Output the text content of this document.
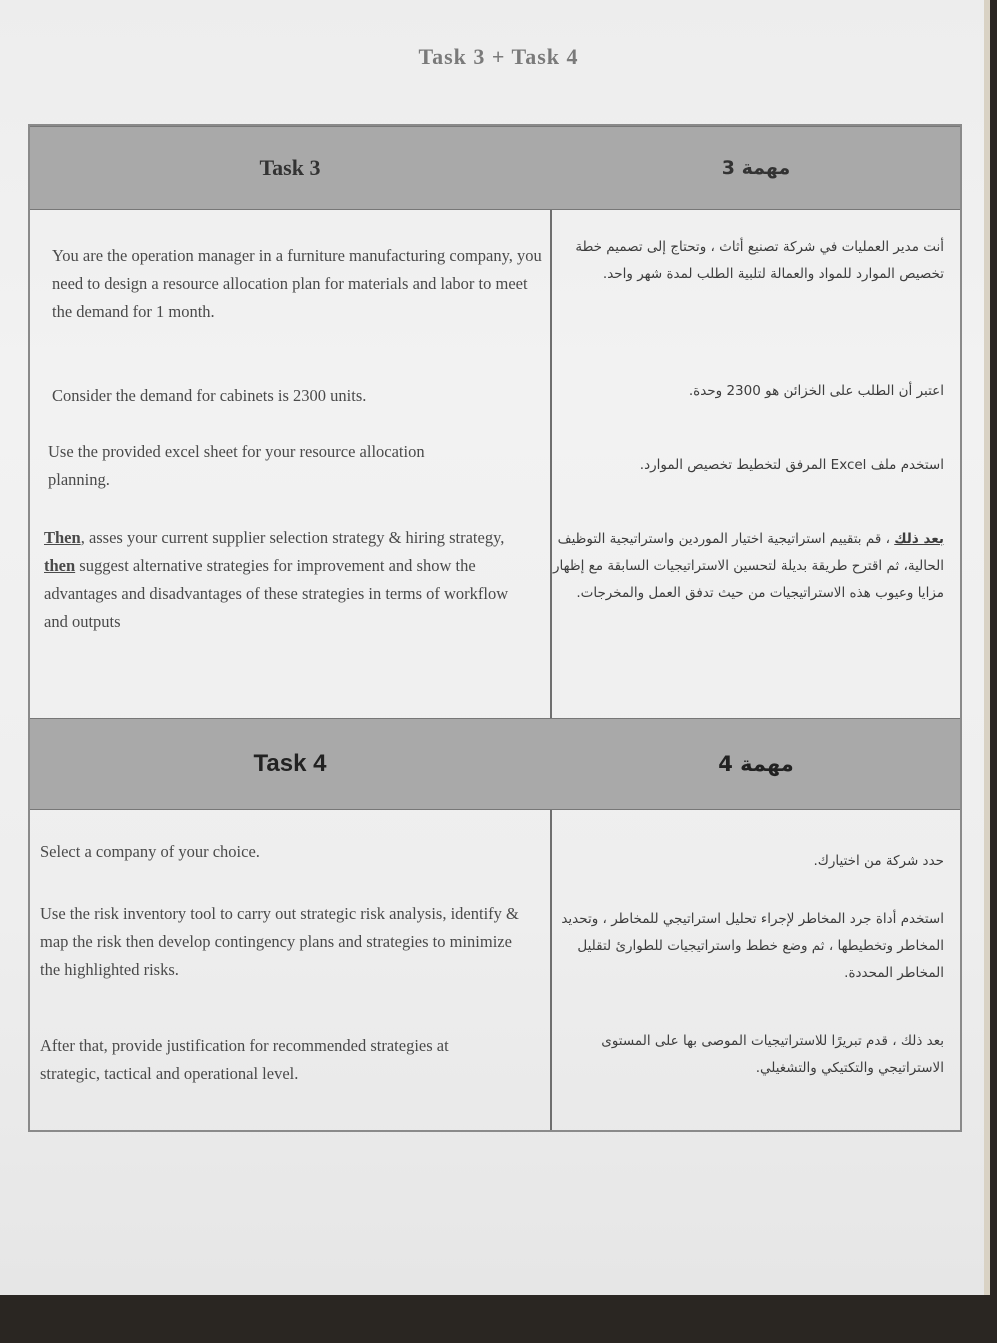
Task 3 + Task 4
Task 3	مهمة 3
You are the operation manager in a furniture manufacturing company, you need to design a resource allocation plan for materials and labor to meet the demand for 1 month.
Consider the demand for cabinets is 2300 units.
Use the provided excel sheet for your resource allocation planning.
Then, asses your current supplier selection strategy & hiring strategy, then suggest alternative strategies for improvement and show the advantages and disadvantages of these strategies in terms of workflow and outputs
أنت مدير العمليات في شركة تصنيع أثاث ، وتحتاج إلى تصميم خطة تخصيص الموارد للمواد والعمالة لتلبية الطلب لمدة شهر واحد.
اعتبر أن الطلب على الخزائن هو 2300 وحدة.
استخدم ملف Excel المرفق لتخطيط تخصيص الموارد.
بعد ذلك ، قم بتقييم استراتيجية اختيار الموردين واستراتيجية التوظيف الحالية، ثم اقترح طريقة بديلة لتحسين الاستراتيجيات السابقة مع إظهار مزايا وعيوب هذه الاستراتيجيات من حيث تدفق العمل والمخرجات.
Task 4	مهمة 4
Select a company of your choice.
Use the risk inventory tool to carry out strategic risk analysis, identify & map the risk then develop contingency plans and strategies to minimize the highlighted risks.
After that, provide justification for recommended strategies at strategic, tactical and operational level.
حدد شركة من اختيارك.
استخدم أداة جرد المخاطر لإجراء تحليل استراتيجي للمخاطر ، وتحديد المخاطر وتخطيطها ، ثم وضع خطط واستراتيجيات للطوارئ لتقليل المخاطر المحددة.
بعد ذلك ، قدم تبريرًا للاستراتيجيات الموصى بها على المستوى الاستراتيجي والتكتيكي والتشغيلي.
